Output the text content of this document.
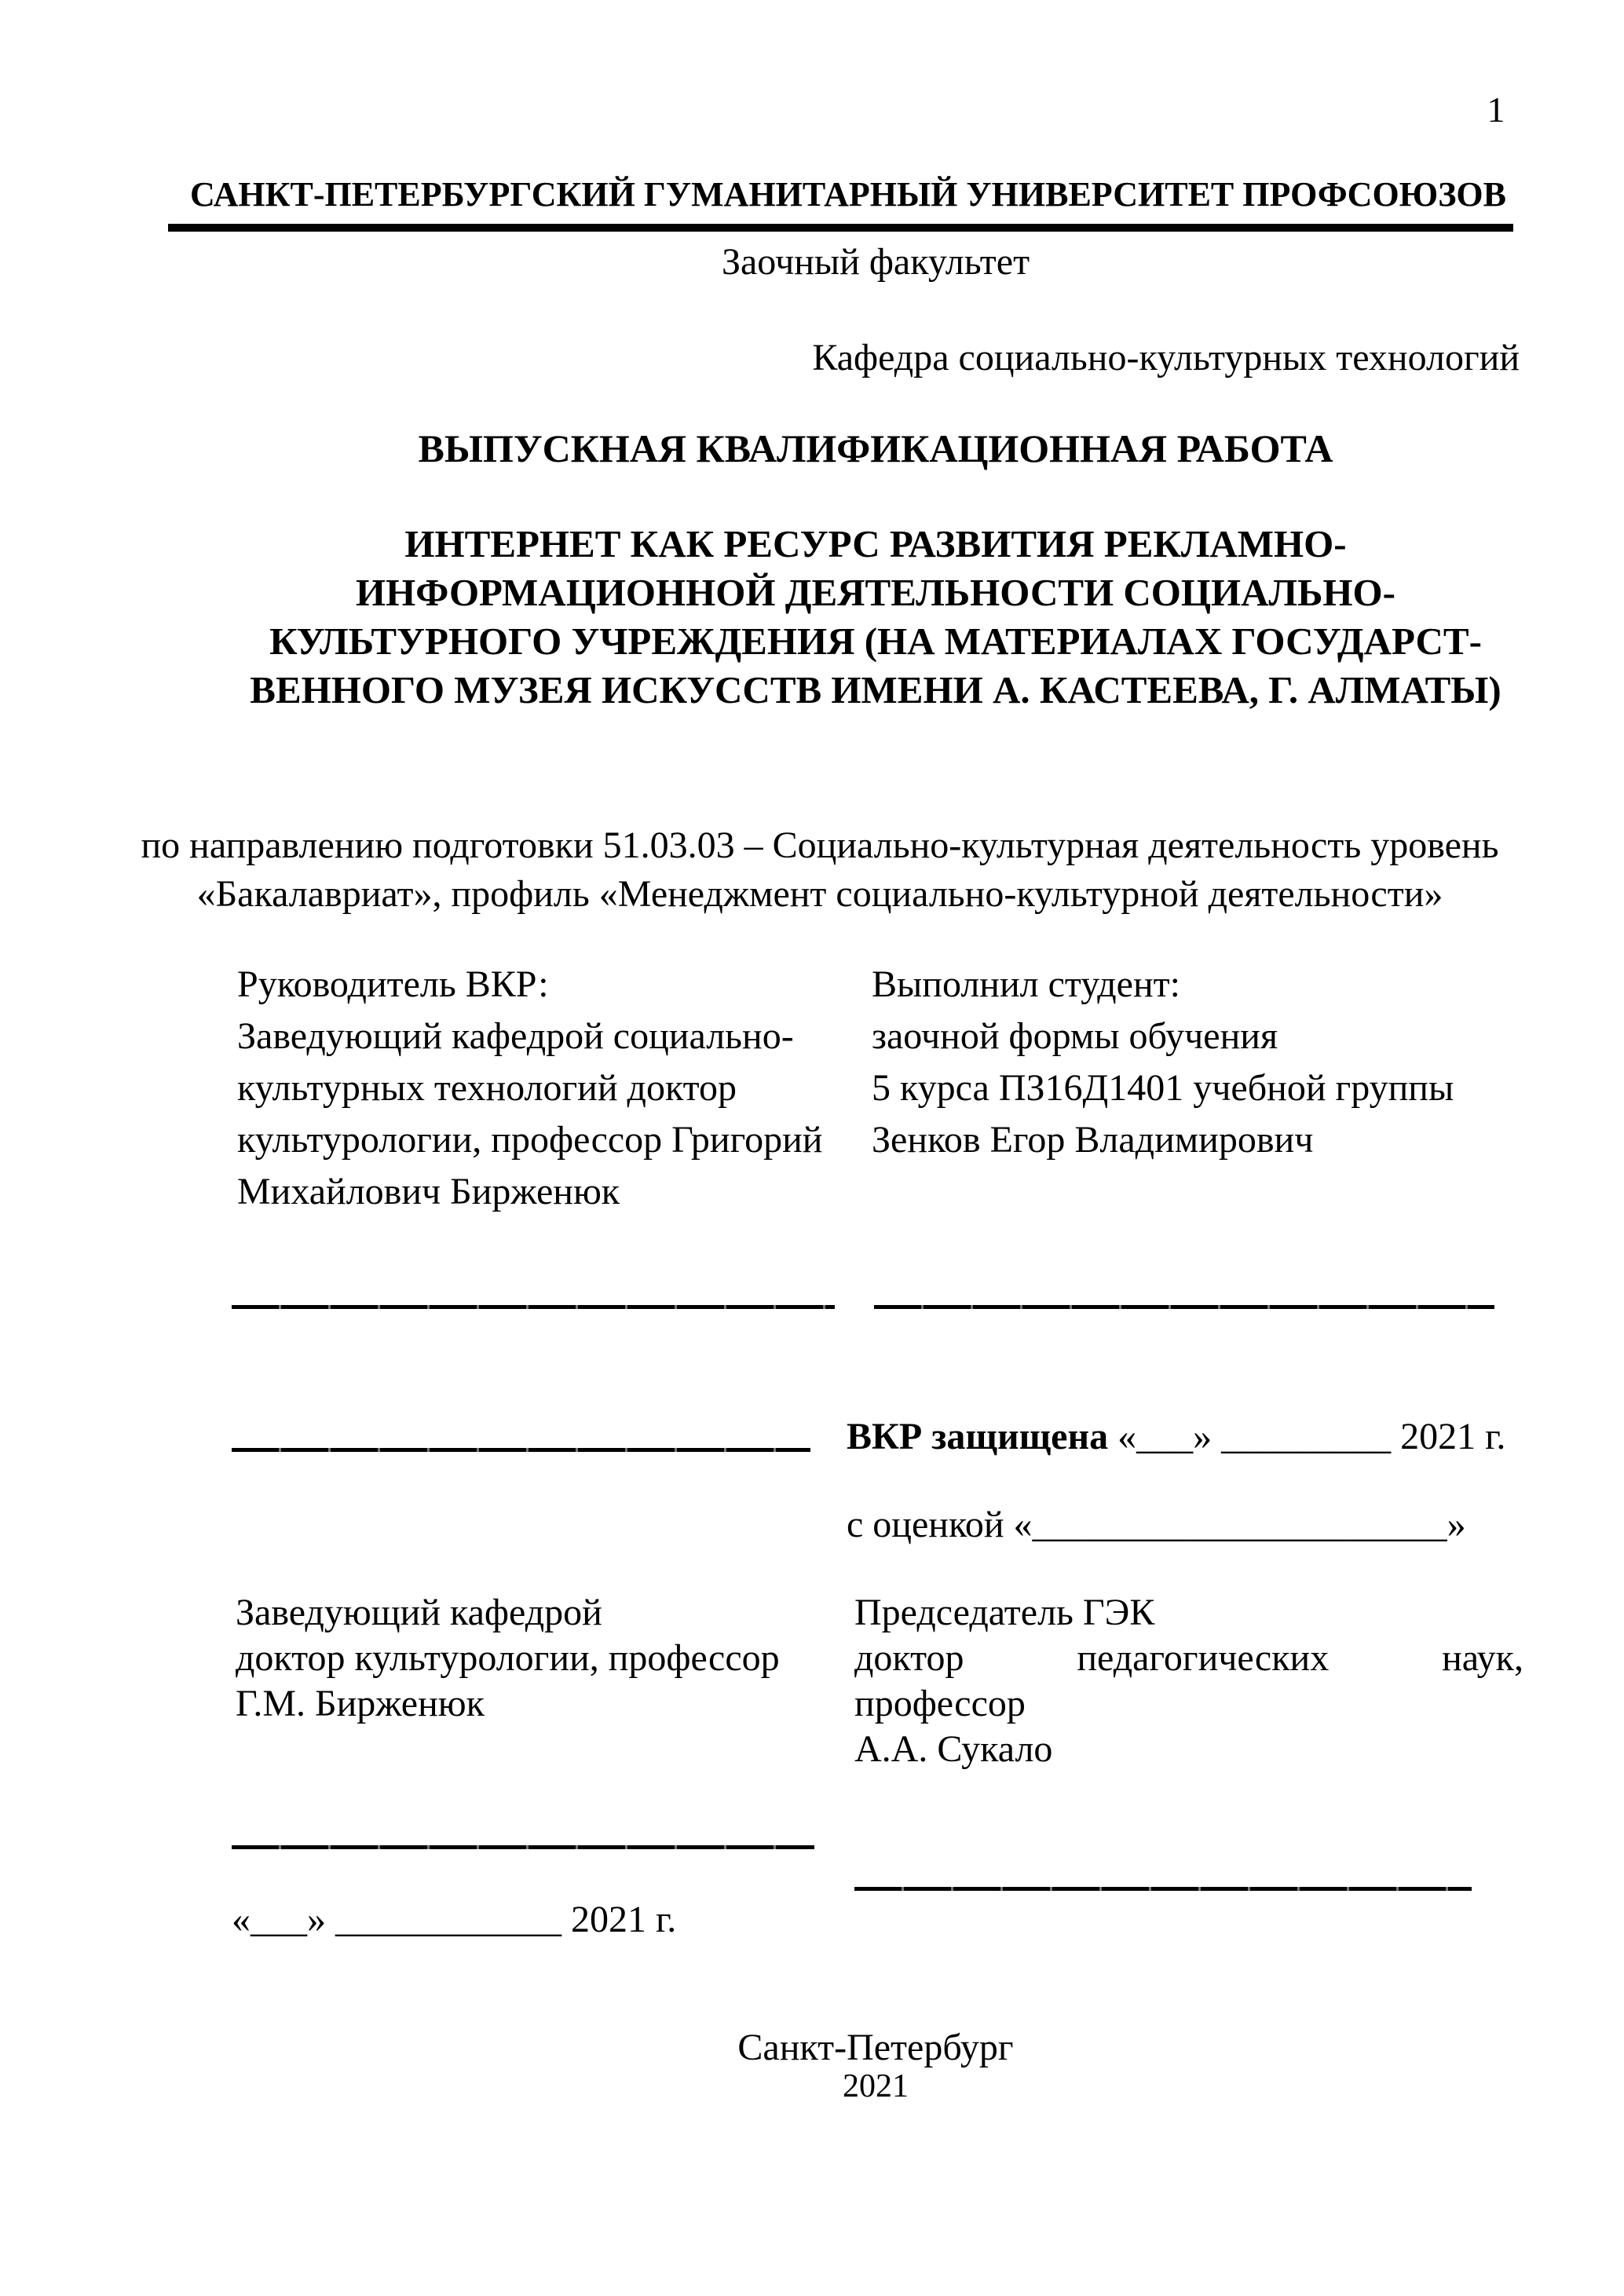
1
САНКТ-ПЕТЕРБУРГСКИЙ ГУМАНИТАРНЫЙ УНИВЕРСИТЕТ ПРОФСОЮЗОВ
Заочный факультет
Кафедра социально-культурных технологий
ВЫПУСКНАЯ КВАЛИФИКАЦИОННАЯ РАБОТА
ИНТЕРНЕТ КАК РЕСУРС РАЗВИТИЯ РЕКЛАМНО-
ИНФОРМАЦИОННОЙ ДЕЯТЕЛЬНОСТИ СОЦИАЛЬНО-
КУЛЬТУРНОГО УЧРЕЖДЕНИЯ (НА МАТЕРИАЛАХ ГОСУДАРСТ-
ВЕННОГО МУЗЕЯ ИСКУССТВ ИМЕНИ А. КАСТЕЕВА, Г. АЛМАТЫ)
по направлению подготовки 51.03.03 – Социально-культурная деятельность уровень
«Бакалавриат», профиль «Менеджмент социально-культурной деятельности»
Руководитель ВКР:
Заведующий кафедрой социально-
культурных технологий доктор
культурологии, профессор Григорий
Михайлович Бирженюк
Выполнил студент:
заочной формы обучения
5 курса ПЗ16Д1401 учебной группы
Зенков Егор Владимирович
ВКР защищена «___» _________ 2021 г.
с оценкой «______________________»
Заведующий кафедрой
доктор культурологии, профессор
Г.М. Бирженюк
Председатель ГЭК
доктор	педагогических	наук,
профессор
А.А. Сукало
«___» ____________ 2021 г.
Санкт-Петербург
2021
